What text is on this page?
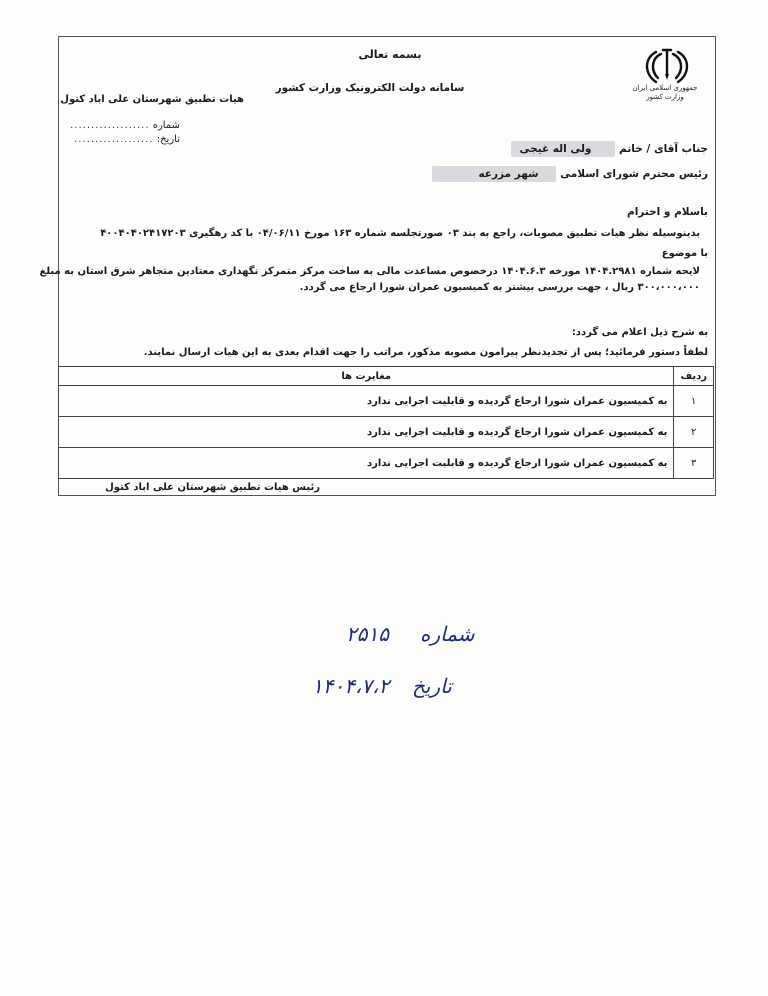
جمهوری اسلامی ایران وزارت کشور
بسمه تعالی
سامانه دولت الکترونیک وزارت کشور
هیات تطبیق شهرستان علی اباد کتول
شماره ...................
تاریخ: ...................
جناب آقای / خانم ولی اله غیجی
رئیس محترم شورای اسلامی شهر مزرعه
باسلام و احترام
بدینوسیله نظر هیات تطبیق مصوبات، راجع به بند ۰۳ صورتجلسه شماره ۱۶۳ مورخ ۰۴/۰۶/۱۱ با کد رهگیری ۴۰۰۴۰۴۰۲۴۱۷۲۰۳
با موضوع
لایحه شماره ۱۴۰۴.۲۹۸۱ مورخه ۱۴۰۴.۶.۳ درخصوص مساعدت مالی به ساخت مرکز متمرکز نگهداری معتادین متجاهر شرق استان به مبلغ
۳۰۰،۰۰۰،۰۰۰ ریال ، جهت بررسی بیشتر به کمیسیون عمران شورا ارجاع می گردد.
به شرح ذیل اعلام می گردد:
لطفاً دستور فرمائید؛ پس از تجدیدنظر پیرامون مصوبه مذکور، مراتب را جهت اقدام بعدی به این هیات ارسال نمایند.
ردیف	مغایرت ها
۱	به کمیسیون عمران شورا ارجاع گردیده و قابلیت اجرایی ندارد
۲	به کمیسیون عمران شورا ارجاع گردیده و قابلیت اجرایی ندارد
۳	به کمیسیون عمران شورا ارجاع گردیده و قابلیت اجرایی ندارد
رئیس هیات تطبیق شهرستان علی اباد کتول
۲۵۱۵ شماره
۱۴۰۴،۷،۲ تاریخ
